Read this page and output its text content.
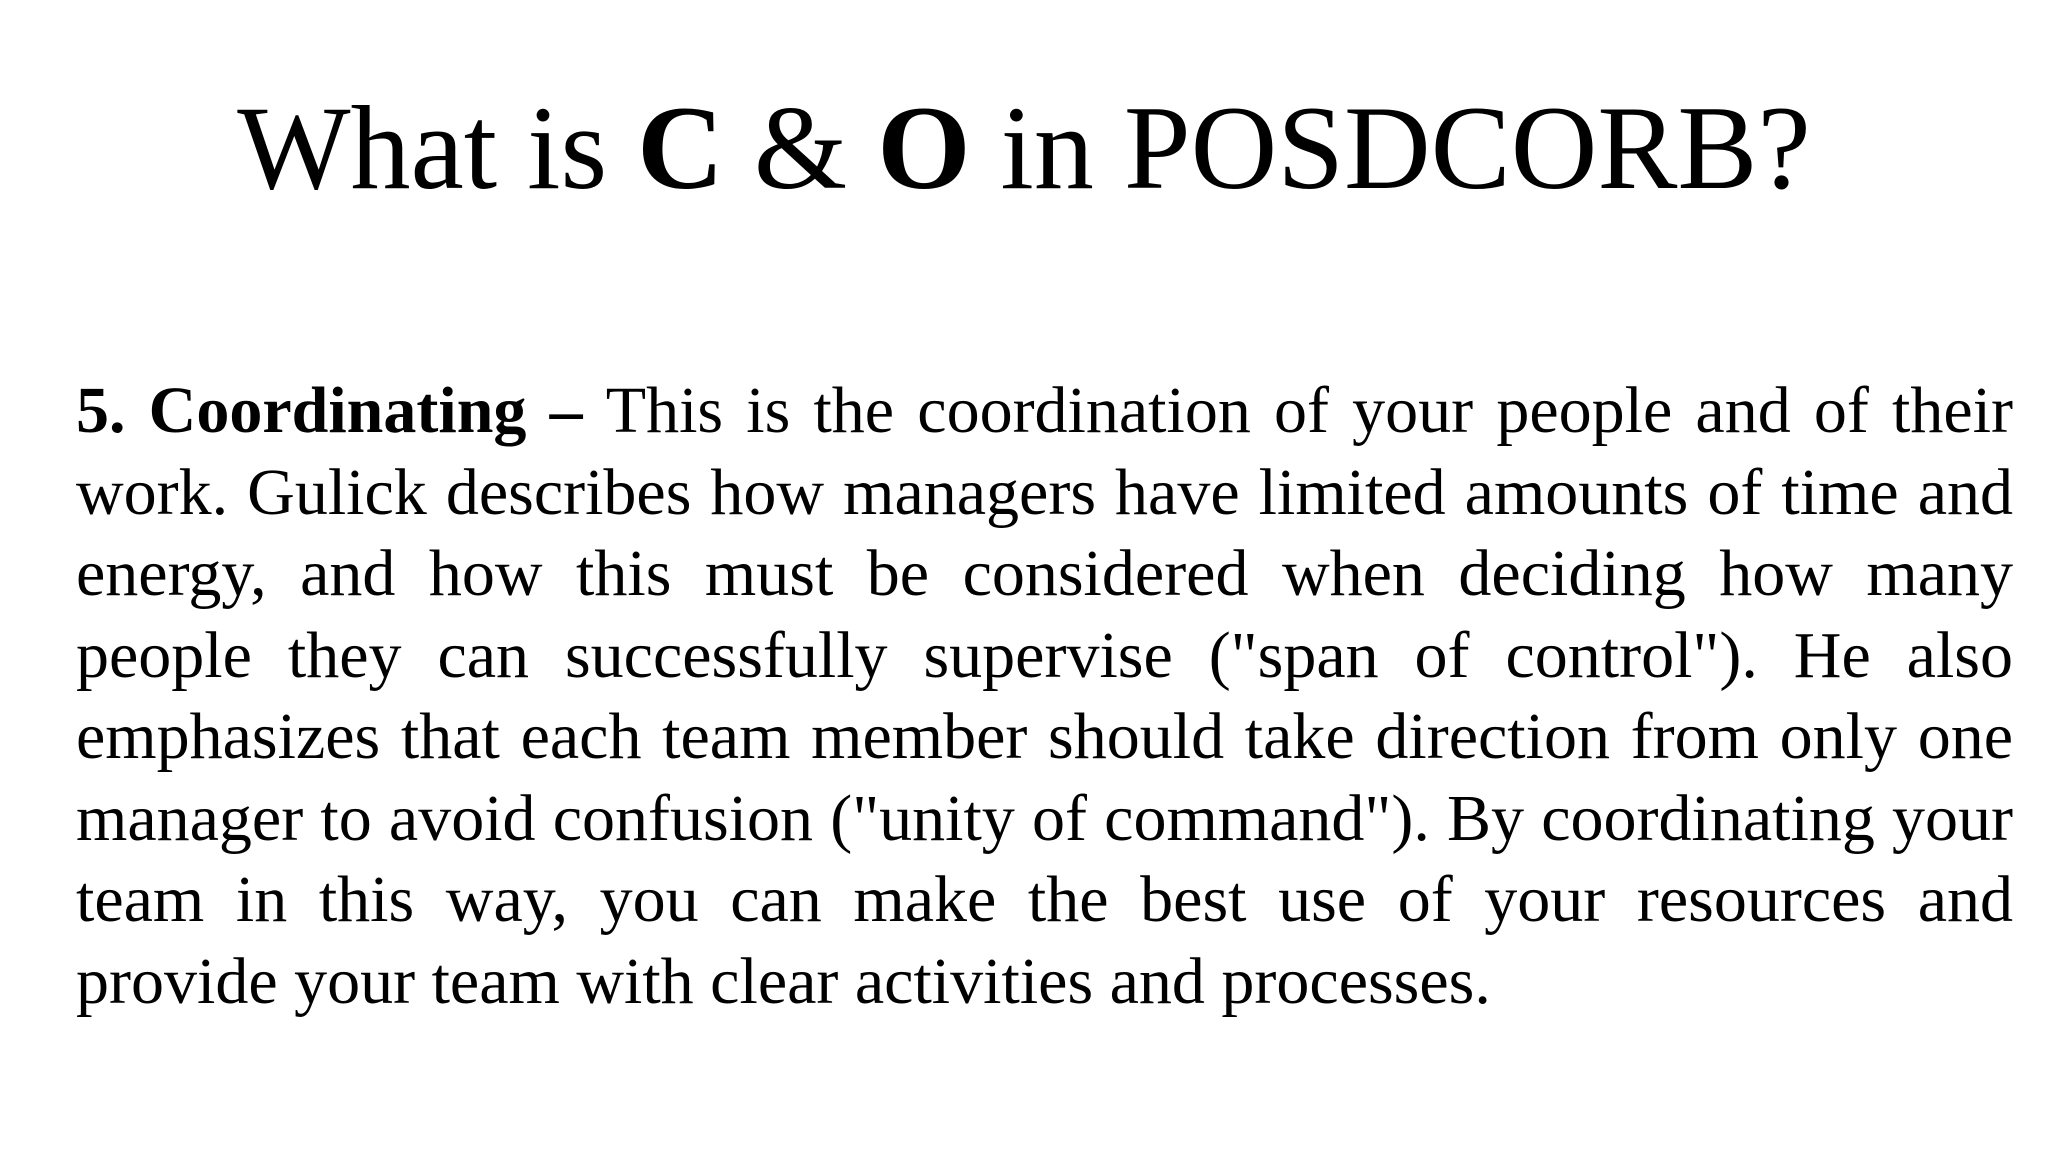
What is C & O in POSDCORB?

5. Coordinating – This is the coordination of your people and of their work. Gulick describes how managers have limited amounts of time and energy, and how this must be considered when deciding how many people they can successfully supervise ("span of control"). He also emphasizes that each team member should take direction from only one manager to avoid confusion ("unity of command"). By coordinating your team in this way, you can make the best use of your resources and provide your team with clear activities and processes.
